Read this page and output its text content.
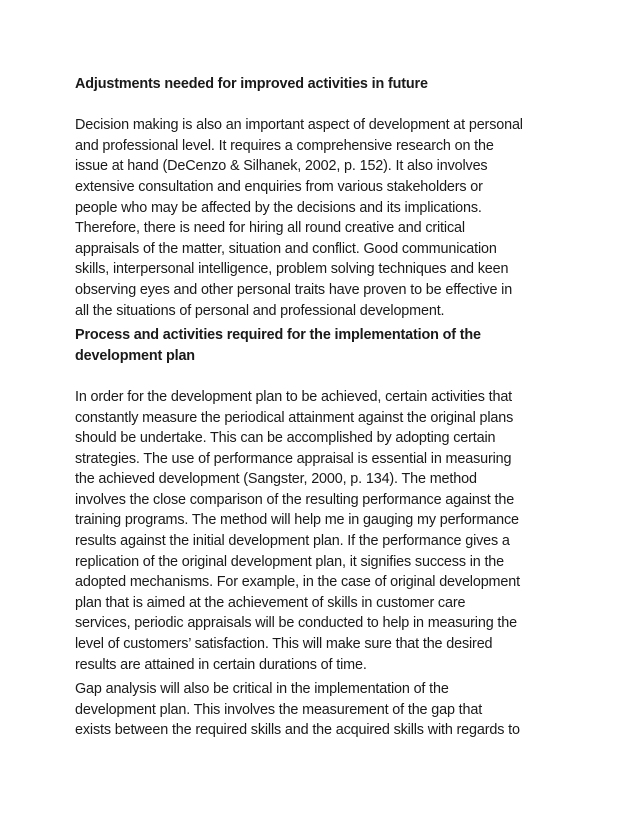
Adjustments needed for improved activities in future

Decision making is also an important aspect of development at personal
and professional level. It requires a comprehensive research on the
issue at hand (DeCenzo & Silhanek, 2002, p. 152). It also involves
extensive consultation and enquiries from various stakeholders or
people who may be affected by the decisions and its implications.
Therefore, there is need for hiring all round creative and critical
appraisals of the matter, situation and conflict. Good communication
skills, interpersonal intelligence, problem solving techniques and keen
observing eyes and other personal traits have proven to be effective in
all the situations of personal and professional development.

Process and activities required for the implementation of the
development plan

In order for the development plan to be achieved, certain activities that
constantly measure the periodical attainment against the original plans
should be undertake. This can be accomplished by adopting certain
strategies. The use of performance appraisal is essential in measuring
the achieved development (Sangster, 2000, p. 134). The method
involves the close comparison of the resulting performance against the
training programs. The method will help me in gauging my performance
results against the initial development plan. If the performance gives a
replication of the original development plan, it signifies success in the
adopted mechanisms. For example, in the case of original development
plan that is aimed at the achievement of skills in customer care
services, periodic appraisals will be conducted to help in measuring the
level of customers’ satisfaction. This will make sure that the desired
results are attained in certain durations of time.

Gap analysis will also be critical in the implementation of the
development plan. This involves the measurement of the gap that
exists between the required skills and the acquired skills with regards to
